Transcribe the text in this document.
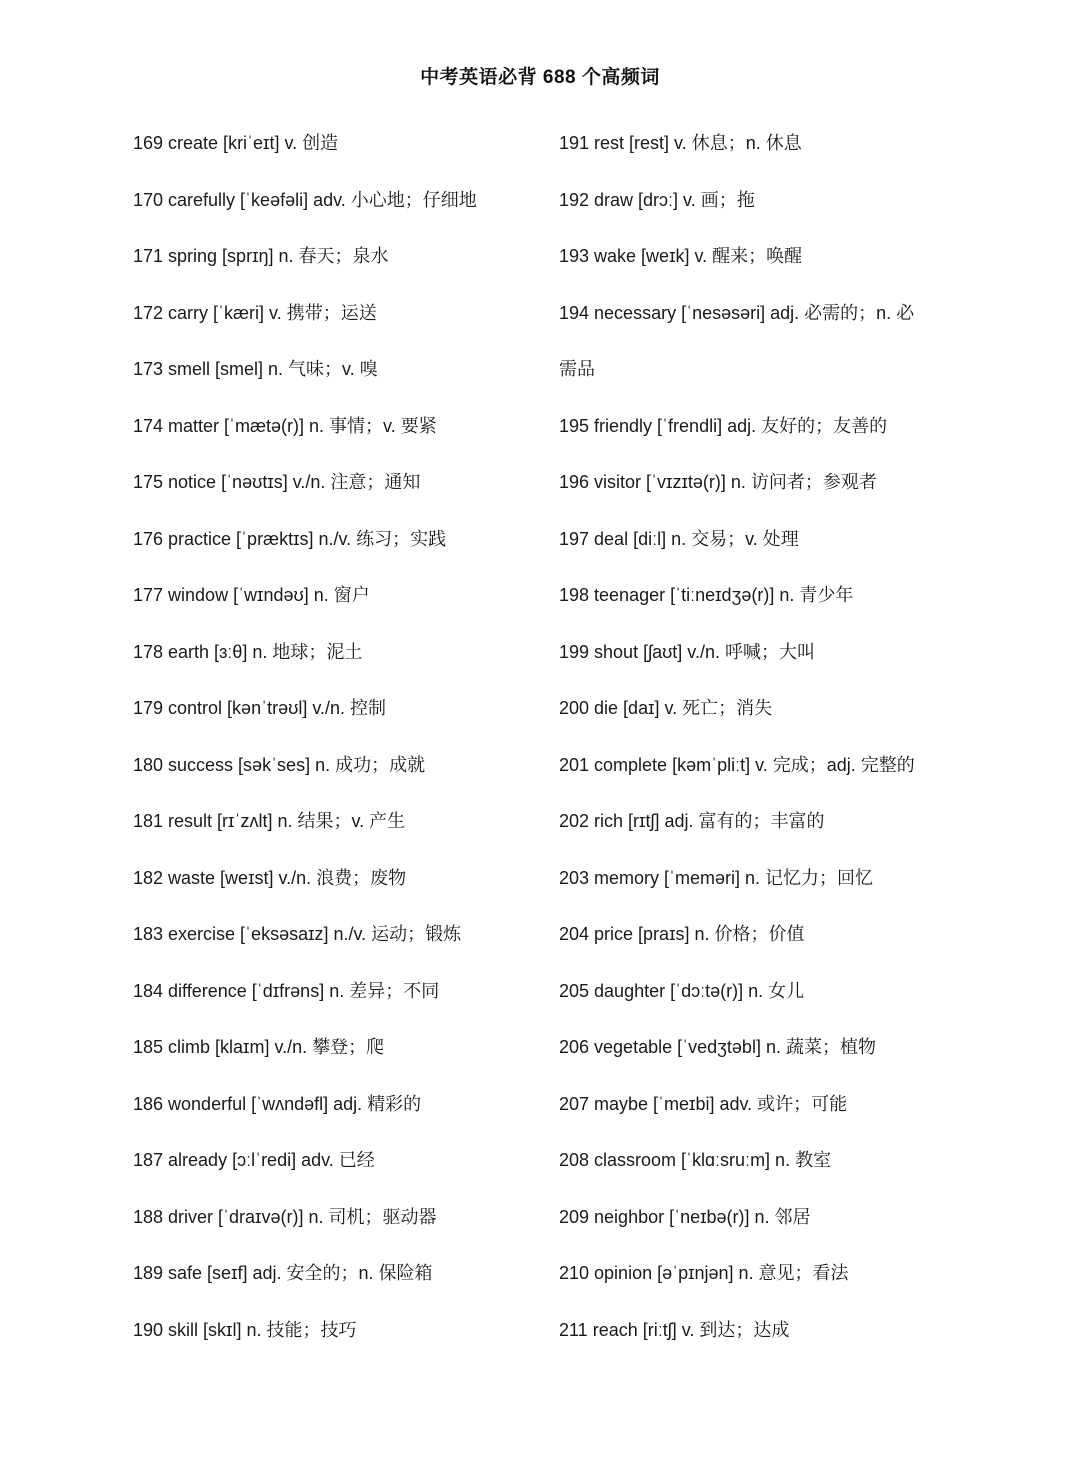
中考英语必背 688 个高频词
169 create [kriˈeɪt] v. 创造
170 carefully [ˈkeəfəli] adv. 小心地；仔细地
171 spring [sprɪŋ] n. 春天；泉水
172 carry [ˈkæri] v. 携带；运送
173 smell [smel] n. 气味；v. 嗅
174 matter [ˈmætə(r)] n. 事情；v. 要紧
175 notice [ˈnəʊtɪs] v./n. 注意；通知
176 practice [ˈpræktɪs] n./v. 练习；实践
177 window [ˈwɪndəʊ] n. 窗户
178 earth [ɜːθ] n. 地球；泥土
179 control [kənˈtrəʊl] v./n. 控制
180 success [səkˈses] n. 成功；成就
181 result [rɪˈzʌlt] n. 结果；v. 产生
182 waste [weɪst] v./n. 浪费；废物
183 exercise [ˈeksəsaɪz] n./v. 运动；锻炼
184 difference [ˈdɪfrəns] n. 差异；不同
185 climb [klaɪm] v./n. 攀登；爬
186 wonderful [ˈwʌndəfl] adj. 精彩的
187 already [ɔːlˈredi] adv. 已经
188 driver [ˈdraɪvə(r)] n. 司机；驱动器
189 safe [seɪf] adj. 安全的；n. 保险箱
190 skill [skɪl] n. 技能；技巧
191 rest [rest] v. 休息；n. 休息
192 draw [drɔː] v. 画；拖
193 wake [weɪk] v. 醒来；唤醒
194 necessary [ˈnesəsəri] adj. 必需的；n. 必
需品
195 friendly [ˈfrendli] adj. 友好的；友善的
196 visitor [ˈvɪzɪtə(r)] n. 访问者；参观者
197 deal [diːl] n. 交易；v. 处理
198 teenager [ˈtiːneɪdʒə(r)] n. 青少年
199 shout [ʃaʊt] v./n. 呼喊；大叫
200 die [daɪ] v. 死亡；消失
201 complete [kəmˈpliːt] v. 完成；adj. 完整的
202 rich [rɪtʃ] adj. 富有的；丰富的
203 memory [ˈmeməri] n. 记忆力；回忆
204 price [praɪs] n. 价格；价值
205 daughter [ˈdɔːtə(r)] n. 女儿
206 vegetable [ˈvedʒtəbl] n. 蔬菜；植物
207 maybe [ˈmeɪbi] adv. 或许；可能
208 classroom [ˈklɑːsruːm] n. 教室
209 neighbor [ˈneɪbə(r)] n. 邻居
210 opinion [əˈpɪnjən] n. 意见；看法
211 reach [riːtʃ] v. 到达；达成
